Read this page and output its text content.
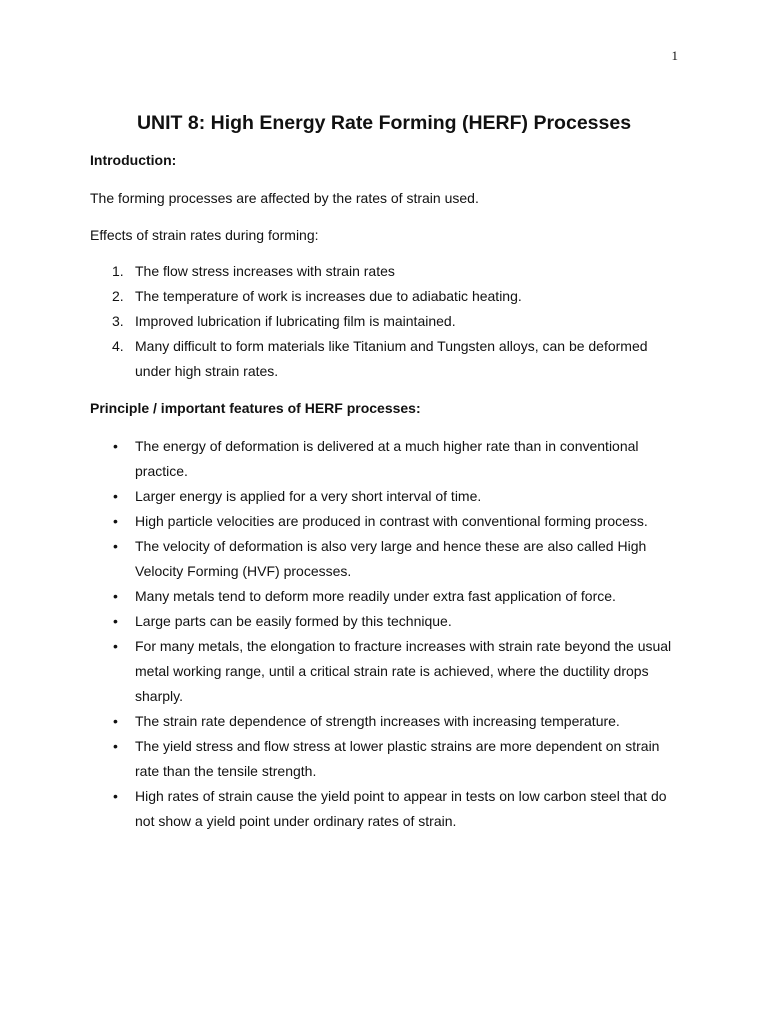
1
UNIT 8: High Energy Rate Forming (HERF) Processes

Introduction:

The forming processes are affected by the rates of strain used.

Effects of strain rates during forming:

1. The flow stress increases with strain rates
2. The temperature of work is increases due to adiabatic heating.
3. Improved lubrication if lubricating film is maintained.
4. Many difficult to form materials like Titanium and Tungsten alloys, can be deformed under high strain rates.

Principle / important features of HERF processes:

• The energy of deformation is delivered at a much higher rate than in conventional practice.
• Larger energy is applied for a very short interval of time.
• High particle velocities are produced in contrast with conventional forming process.
• The velocity of deformation is also very large and hence these are also called High Velocity Forming (HVF) processes.
• Many metals tend to deform more readily under extra fast application of force.
• Large parts can be easily formed by this technique.
• For many metals, the elongation to fracture increases with strain rate beyond the usual metal working range, until a critical strain rate is achieved, where the ductility drops sharply.
• The strain rate dependence of strength increases with increasing temperature.
• The yield stress and flow stress at lower plastic strains are more dependent on strain rate than the tensile strength.
• High rates of strain cause the yield point to appear in tests on low carbon steel that do not show a yield point under ordinary rates of strain.
